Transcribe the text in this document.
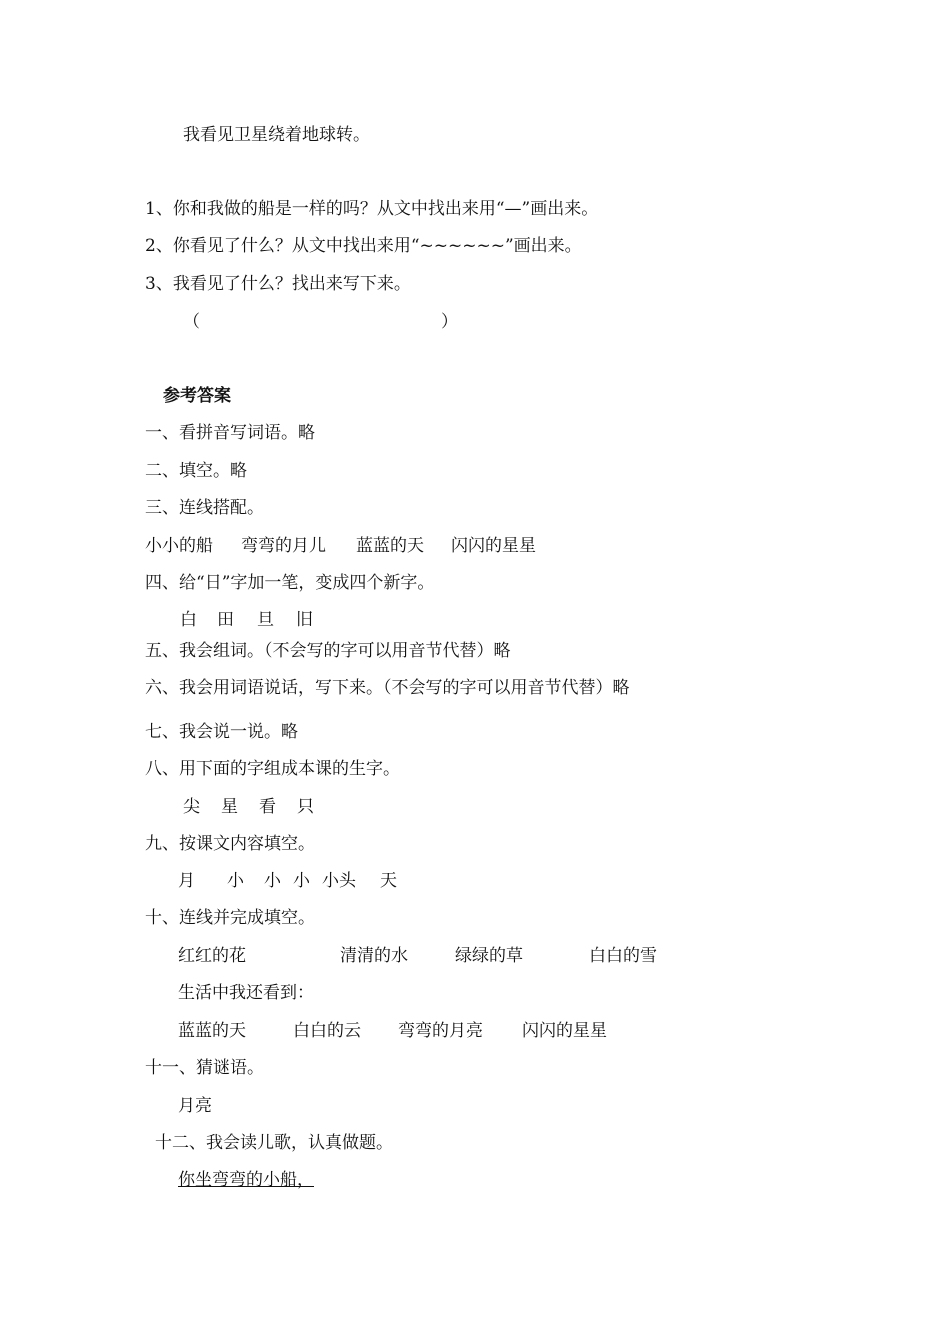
我看见卫星绕着地球转。
1、你和我做的船是一样的吗？从文中找出来用“—”画出来。
2、你看见了什么？从文中找出来用“~~~~~~”画出来。
3、我看见了什么？找出来写下来。
（	）
参考答案
一、看拼音写词语。略
二、填空。略
三、连线搭配。

小小的船

弯弯的月儿

蓝蓝的天

闪闪的星星

四、给“日”字加一笔，变成四个新字。

白

田

旦

旧

五、我会组词。（不会写的字可以用音节代替）略
六、我会用词语说话，写下来。（不会写的字可以用音节代替）略
七、我会说一说。略
八、用下面的字组成本课的生字。

尖

星

看

只

九、按课文内容填空。

月

小

小

小

小头

天

十、连线并完成填空。

红红的花

	清清的水

	绿绿的草

	白白的雪

生活中我还看到：

蓝蓝的天

	白白的云

弯弯的月亮

闪闪的星星

十一、猜谜语。
月亮
十二、我会读儿歌，认真做题。
你坐弯弯的小船，
